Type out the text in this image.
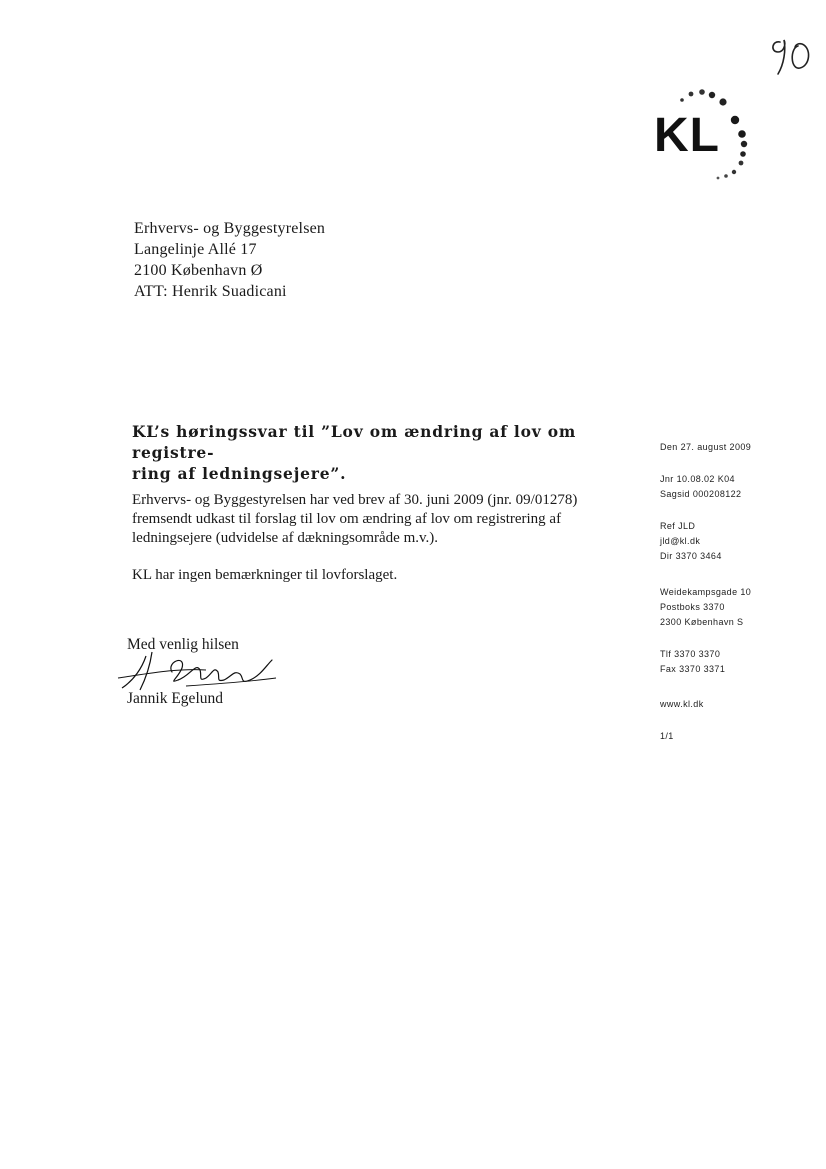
KL
Erhvervs- og Byggestyrelsen
Langelinje Allé 17
2100 København Ø
ATT: Henrik Suadicani
KL’s høringssvar til ”Lov om ændring af lov om registre-
ring af ledningsejere”.

Erhvervs- og Byggestyrelsen har ved brev af 30. juni 2009 (jnr. 09/01278) fremsendt udkast til forslag til lov om ændring af lov om registrering af ledningsejere (udvidelse af dækningsområde m.v.).

KL har ingen bemærkninger til lovforslaget.

Med venlig hilsen
Jannik Egelund
Den 27. august 2009
Jnr 10.08.02 K04
Sagsid 000208122
Ref JLD
jld@kl.dk
Dir 3370 3464
Weidekampsgade 10
Postboks 3370
2300 København S
Tlf 3370 3370
Fax 3370 3371
www.kl.dk
1/1
